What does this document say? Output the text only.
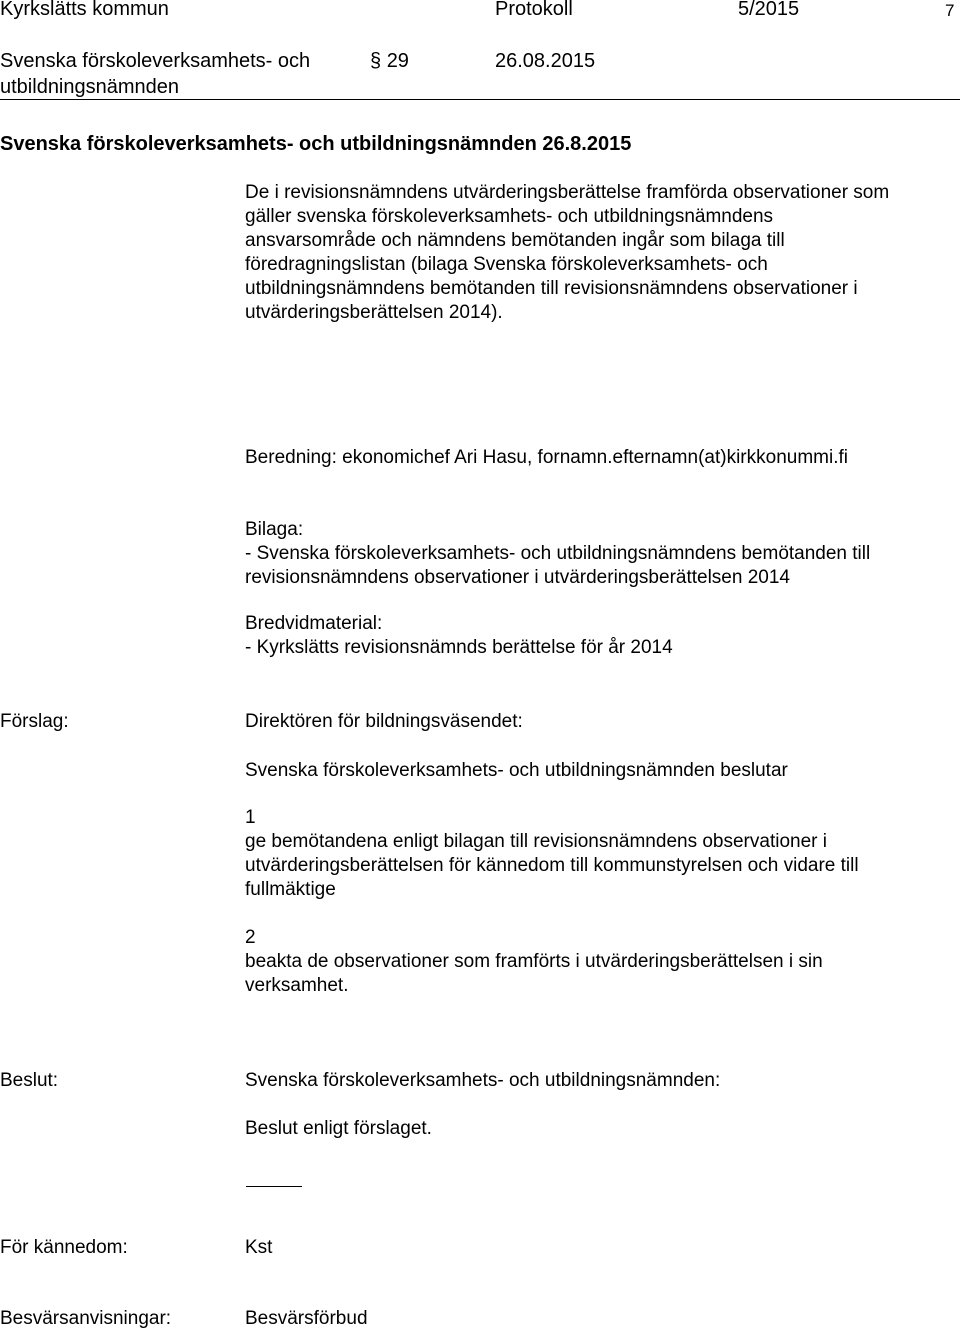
Kyrkslätts kommun	Protokoll	5/2015	7
Svenska förskoleverksamhets- och
utbildningsnämnden
§ 29	26.08.2015
Svenska förskoleverksamhets- och utbildningsnämnden 26.8.2015
De i revisionsnämndens utvärderingsberättelse framförda observationer som
gäller svenska förskoleverksamhets- och utbildningsnämndens
ansvarsområde och nämndens bemötanden ingår som bilaga till
föredragningslistan (bilaga Svenska förskoleverksamhets- och
utbildningsnämndens bemötanden till revisionsnämndens observationer i
utvärderingsberättelsen 2014).
Beredning: ekonomichef Ari Hasu, fornamn.efternamn(at)kirkkonummi.fi
Bilaga:
- Svenska förskoleverksamhets- och utbildningsnämndens bemötanden till
revisionsnämndens observationer i utvärderingsberättelsen 2014
Bredvidmaterial:
- Kyrkslätts revisionsnämnds berättelse för år 2014
Förslag:	Direktören för bildningsväsendet:
Svenska förskoleverksamhets- och utbildningsnämnden beslutar
1
ge bemötandena enligt bilagan till revisionsnämndens observationer i
utvärderingsberättelsen för kännedom till kommunstyrelsen och vidare till
fullmäktige
2
beakta de observationer som framförts i utvärderingsberättelsen i sin
verksamhet.
Beslut:	Svenska förskoleverksamhets- och utbildningsnämnden:
Beslut enligt förslaget.
För kännedom:	Kst
Besvärsanvisningar:	Besvärsförbud
